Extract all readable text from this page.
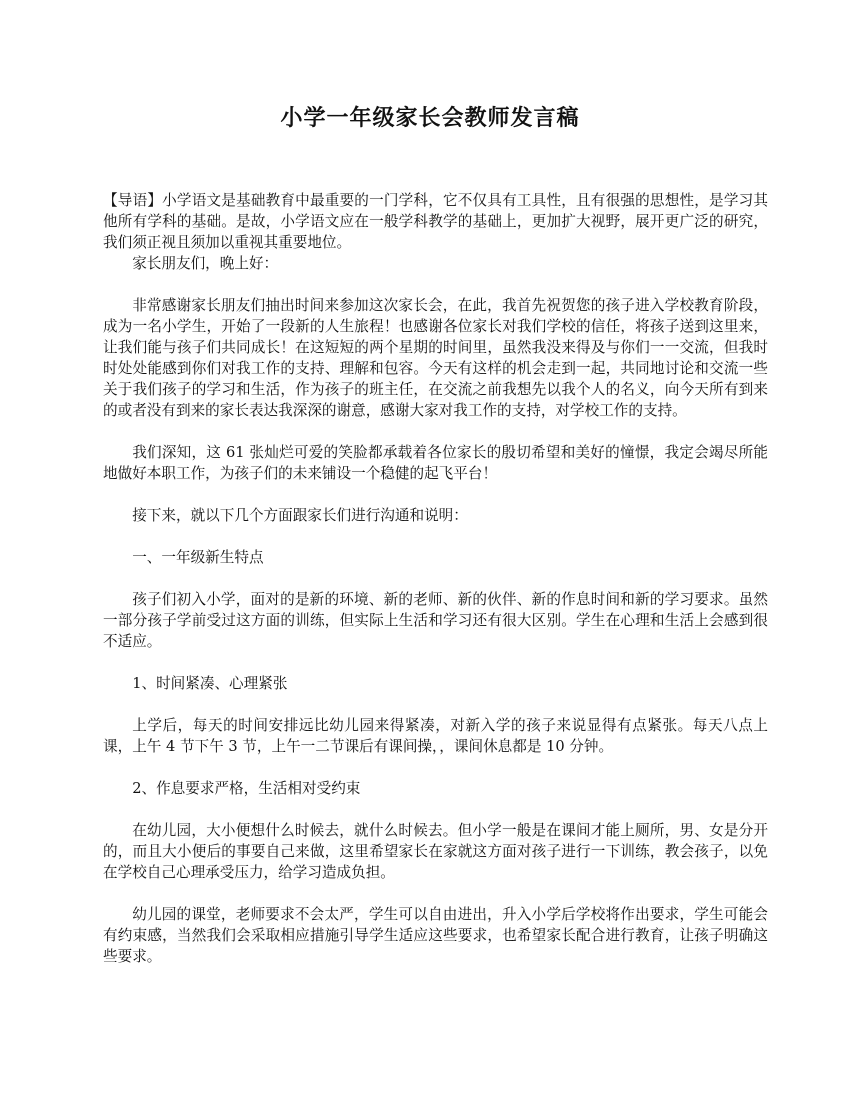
小学一年级家长会教师发言稿

【导语】小学语文是基础教育中最重要的一门学科，它不仅具有工具性，且有很强的思想性，是学习其他所有学科的基础。是故，小学语文应在一般学科教学的基础上，更加扩大视野，展开更广泛的研究，我们须正视且须加以重视其重要地位。

家长朋友们，晚上好：

非常感谢家长朋友们抽出时间来参加这次家长会，在此，我首先祝贺您的孩子进入学校教育阶段，成为一名小学生，开始了一段新的人生旅程！也感谢各位家长对我们学校的信任，将孩子送到这里来，让我们能与孩子们共同成长！在这短短的两个星期的时间里，虽然我没来得及与你们一一交流，但我时时处处能感到你们对我工作的支持、理解和包容。今天有这样的机会走到一起，共同地讨论和交流一些关于我们孩子的学习和生活，作为孩子的班主任，在交流之前我想先以我个人的名义，向今天所有到来的或者没有到来的家长表达我深深的谢意，感谢大家对我工作的支持，对学校工作的支持。

我们深知，这 61 张灿烂可爱的笑脸都承载着各位家长的殷切希望和美好的憧憬，我定会竭尽所能地做好本职工作，为孩子们的未来铺设一个稳健的起飞平台！

接下来，就以下几个方面跟家长们进行沟通和说明：

一、一年级新生特点

孩子们初入小学，面对的是新的环境、新的老师、新的伙伴、新的作息时间和新的学习要求。虽然一部分孩子学前受过这方面的训练，但实际上生活和学习还有很大区别。学生在心理和生活上会感到很不适应。

1、时间紧凑、心理紧张

上学后，每天的时间安排远比幼儿园来得紧凑，对新入学的孩子来说显得有点紧张。每天八点上课，上午 4 节下午 3 节，上午一二节课后有课间操，，课间休息都是 10 分钟。

2、作息要求严格，生活相对受约束

在幼儿园，大小便想什么时候去，就什么时候去。但小学一般是在课间才能上厕所，男、女是分开的，而且大小便后的事要自己来做，这里希望家长在家就这方面对孩子进行一下训练，教会孩子，以免在学校自己心理承受压力，给学习造成负担。

幼儿园的课堂，老师要求不会太严，学生可以自由进出，升入小学后学校将作出要求，学生可能会有约束感，当然我们会采取相应措施引导学生适应这些要求，也希望家长配合进行教育，让孩子明确这些要求。
